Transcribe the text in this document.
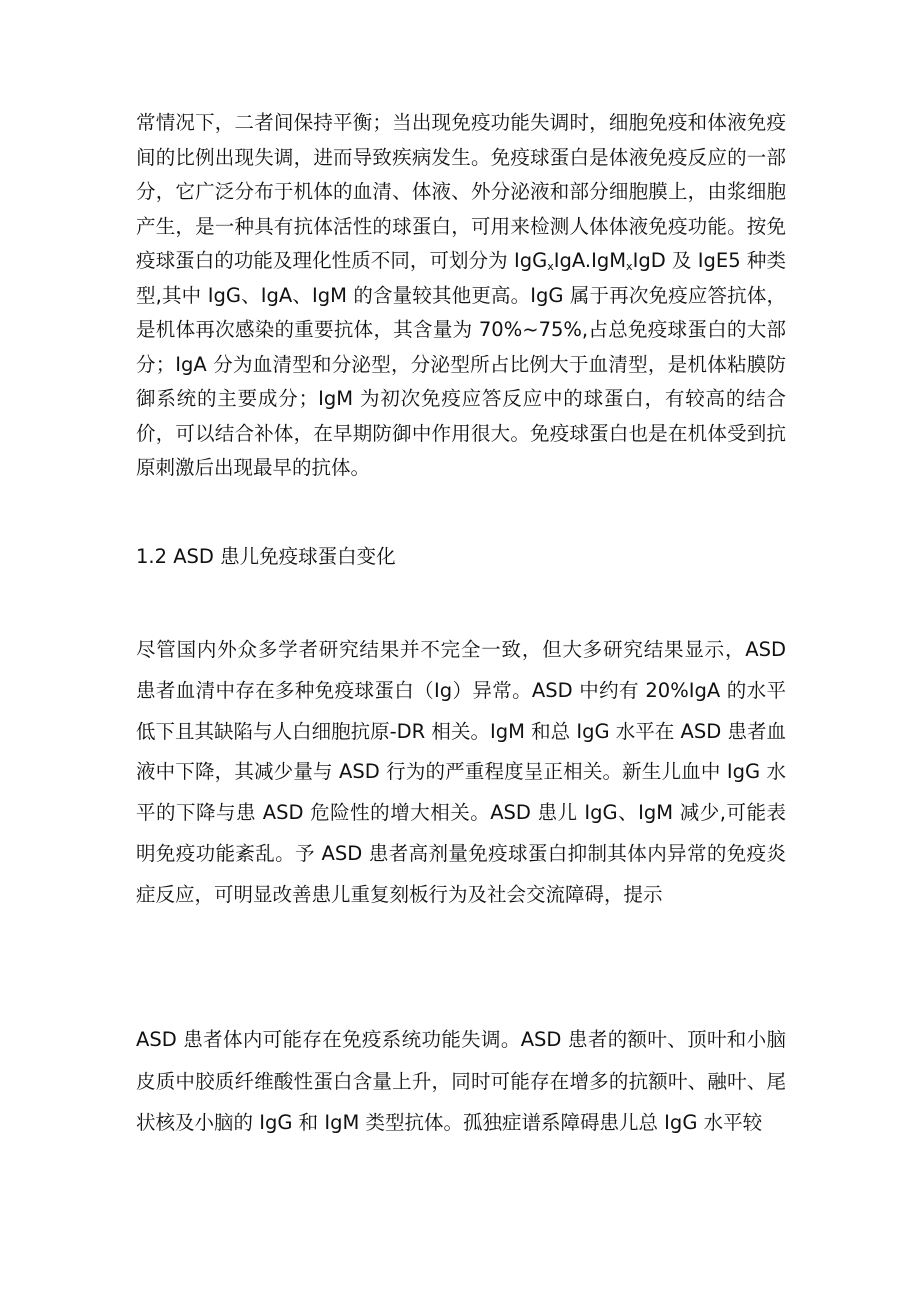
常情况下，二者间保持平衡；当出现免疫功能失调时，细胞免疫和体液免疫间的比例出现失调，进而导致疾病发生。免疫球蛋白是体液免疫反应的一部分，它广泛分布于机体的血清、体液、外分泌液和部分细胞膜上，由浆细胞产生，是一种具有抗体活性的球蛋白，可用来检测人体体液免疫功能。按免疫球蛋白的功能及理化性质不同，可划分为 IgG$_x$IgA.IgM$_x$IgD 及 IgE5 种类型,其中 IgG、IgA、IgM 的含量较其他更高。IgG 属于再次免疫应答抗体，是机体再次感染的重要抗体，其含量为 70%~75%,占总免疫球蛋白的大部分；IgA 分为血清型和分泌型，分泌型所占比例大于血清型，是机体粘膜防御系统的主要成分；IgM 为初次免疫应答反应中的球蛋白，有较高的结合价，可以结合补体，在早期防御中作用很大。免疫球蛋白也是在机体受到抗原刺激后出现最早的抗体。

1.2 ASD 患儿免疫球蛋白变化

尽管国内外众多学者研究结果并不完全一致，但大多研究结果显示，ASD 患者血清中存在多种免疫球蛋白（Ig）异常。ASD 中约有 20%IgA 的水平低下且其缺陷与人白细胞抗原-DR 相关。IgM 和总 IgG 水平在 ASD 患者血液中下降，其减少量与 ASD 行为的严重程度呈正相关。新生儿血中 IgG 水平的下降与患 ASD 危险性的增大相关。ASD 患儿 IgG、IgM 减少,可能表明免疫功能紊乱。予 ASD 患者高剂量免疫球蛋白抑制其体内异常的免疫炎症反应，可明显改善患儿重复刻板行为及社会交流障碍，提示

ASD 患者体内可能存在免疫系统功能失调。ASD 患者的额叶、顶叶和小脑皮质中胶质纤维酸性蛋白含量上升，同时可能存在增多的抗额叶、融叶、尾状核及小脑的 IgG 和 IgM 类型抗体。孤独症谱系障碍患儿总 IgG 水平较
